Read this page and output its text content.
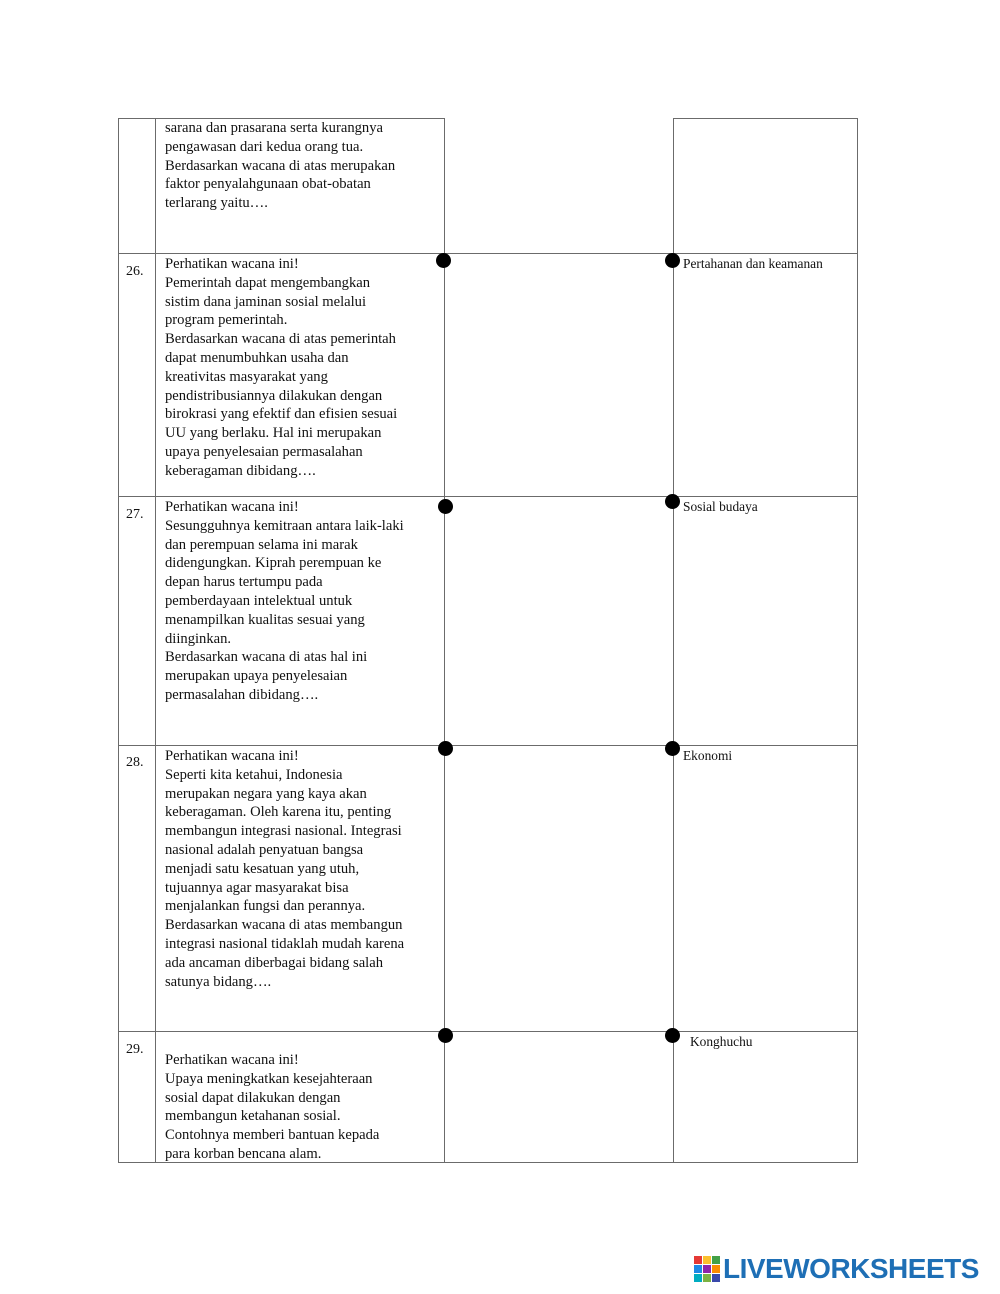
sarana dan prasarana serta kurangnya
pengawasan dari kedua orang tua.
Berdasarkan wacana di atas merupakan
faktor penyalahgunaan obat-obatan
terlarang yaitu….
26. Perhatikan wacana ini!
Pemerintah dapat mengembangkan
sistim dana jaminan sosial melalui
program pemerintah.
Berdasarkan wacana di atas pemerintah
dapat menumbuhkan usaha dan
kreativitas masyarakat yang
pendistribusiannya dilakukan dengan
birokrasi yang efektif dan efisien sesuai
UU yang berlaku. Hal ini merupakan
upaya penyelesaian permasalahan
keberagaman dibidang….
Pertahanan dan keamanan
27. Perhatikan wacana ini!
Sesungguhnya kemitraan antara laik-laki
dan perempuan selama ini marak
didengungkan. Kiprah perempuan ke
depan harus tertumpu pada
pemberdayaan intelektual untuk
menampilkan kualitas sesuai yang
diinginkan.
Berdasarkan wacana di atas hal ini
merupakan upaya penyelesaian
permasalahan dibidang….
Sosial budaya
28. Perhatikan wacana ini!
Seperti kita ketahui, Indonesia
merupakan negara yang kaya akan
keberagaman. Oleh karena itu, penting
membangun integrasi nasional. Integrasi
nasional adalah penyatuan bangsa
menjadi satu kesatuan yang utuh,
tujuannya agar masyarakat bisa
menjalankan fungsi dan perannya.
Berdasarkan wacana di atas membangun
integrasi nasional tidaklah mudah karena
ada ancaman diberbagai bidang salah
satunya bidang….
Ekonomi
29.
Perhatikan wacana ini!
Upaya meningkatkan kesejahteraan
sosial dapat dilakukan dengan
membangun ketahanan sosial.
Contohnya memberi bantuan kepada
para korban bencana alam.
Konghuchu
LIVEWORKSHEETS
